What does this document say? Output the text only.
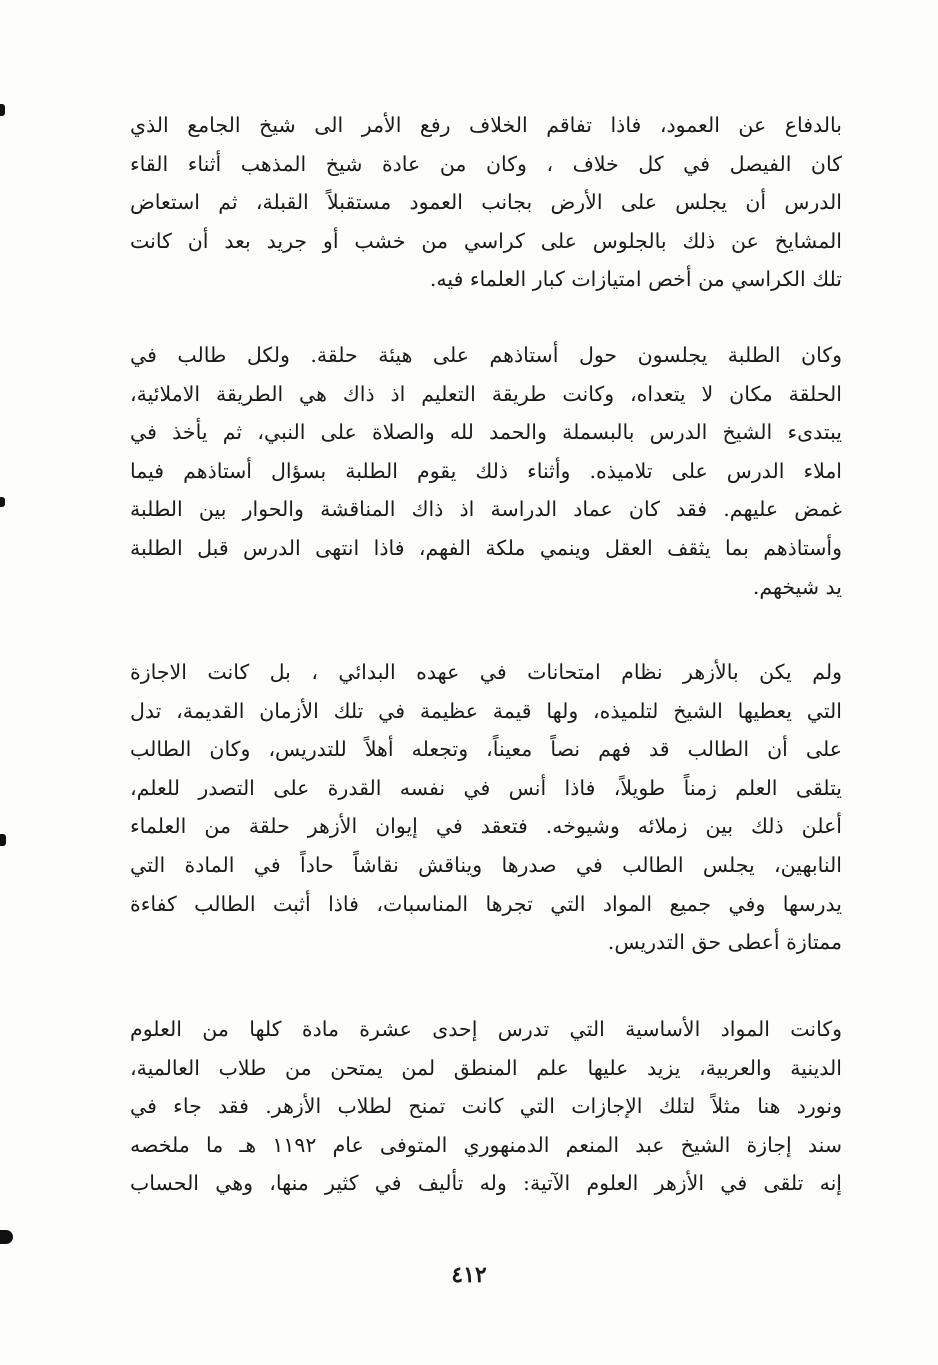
بالدفاع عن العمود، فاذا تفاقم الخلاف رفع الأمر الى شيخ الجامع الذي
كان الفيصل في كل خلاف ، وكان من عادة شيخ المذهب أثناء القاء
الدرس أن يجلس على الأرض بجانب العمود مستقبلاً القبلة، ثم استعاض
المشايخ عن ذلك بالجلوس على كراسي من خشب أو جريد بعد أن كانت
تلك الكراسي من أخص امتيازات كبار العلماء فيه.
وكان الطلبة يجلسون حول أستاذهم على هيئة حلقة. ولكل طالب في
الحلقة مكان لا يتعداه، وكانت طريقة التعليم اذ ذاك هي الطريقة الاملائية،
يبتدىء الشيخ الدرس بالبسملة والحمد لله والصلاة على النبي، ثم يأخذ في
املاء الدرس على تلاميذه. وأثناء ذلك يقوم الطلبة بسؤال أستاذهم فيما
غمض عليهم. فقد كان عماد الدراسة اذ ذاك المناقشة والحوار بين الطلبة
وأستاذهم بما يثقف العقل وينمي ملكة الفهم، فاذا انتهى الدرس قبل الطلبة
يد شيخهم.
ولم يكن بالأزهر نظام امتحانات في عهده البدائي ، بل كانت الاجازة
التي يعطيها الشيخ لتلميذه، ولها قيمة عظيمة في تلك الأزمان القديمة، تدل
على أن الطالب قد فهم نصاً معيناً، وتجعله أهلاً للتدريس، وكان الطالب
يتلقى العلم زمناً طويلاً، فاذا أنس في نفسه القدرة على التصدر للعلم،
أعلن ذلك بين زملائه وشيوخه. فتعقد في إيوان الأزهر حلقة من العلماء
النابهين، يجلس الطالب في صدرها ويناقش نقاشاً حاداً في المادة التي
يدرسها وفي جميع المواد التي تجرها المناسبات، فاذا أثبت الطالب كفاءة
ممتازة أعطى حق التدريس.
وكانت المواد الأساسية التي تدرس إحدى عشرة مادة كلها من العلوم
الدينية والعربية، يزيد عليها علم المنطق لمن يمتحن من طلاب العالمية،
ونورد هنا مثلاً لتلك الإجازات التي كانت تمنح لطلاب الأزهر. فقد جاء في
سند إجازة الشيخ عبد المنعم الدمنهوري المتوفى عام ١١٩٢ هـ ما ملخصه
إنه تلقى في الأزهر العلوم الآتية: وله تأليف في كثير منها، وهي الحساب
٤١٢
